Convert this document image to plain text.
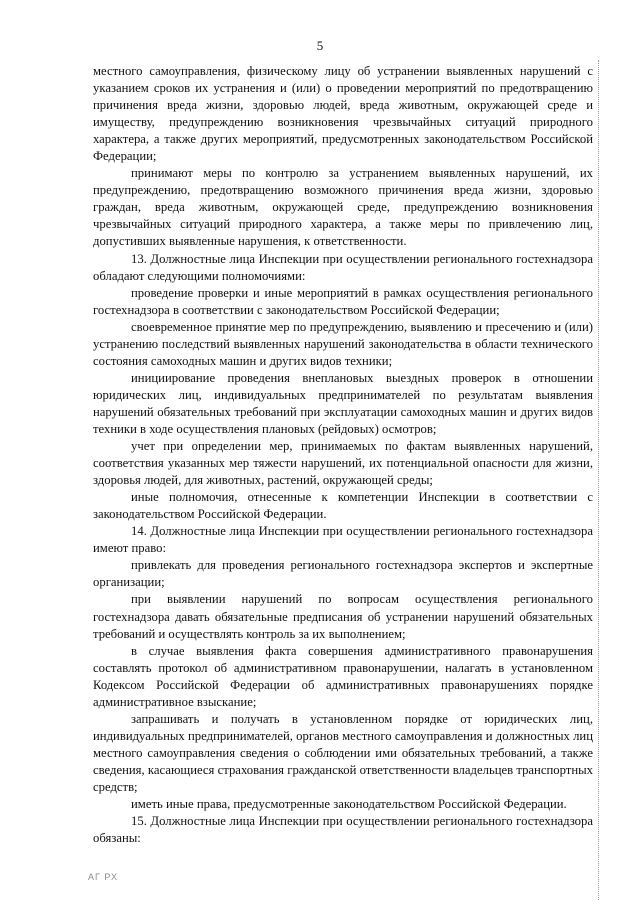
5

местного самоуправления, физическому лицу об устранении выявленных нарушений с указанием сроков их устранения и (или) о проведении мероприятий по предотвращению причинения вреда жизни, здоровью людей, вреда животным, окружающей среде и имуществу, предупреждению возникновения чрезвычайных ситуаций природного характера, а также других мероприятий, предусмотренных законодательством Российской Федерации;

принимают меры по контролю за устранением выявленных нарушений, их предупреждению, предотвращению возможного причинения вреда жизни, здоровью граждан, вреда животным, окружающей среде, предупреждению возникновения чрезвычайных ситуаций природного характера, а также меры по привлечению лиц, допустивших выявленные нарушения, к ответственности.

13. Должностные лица Инспекции при осуществлении регионального гостехнадзора обладают следующими полномочиями:

проведение проверки и иные мероприятий в рамках осуществления регионального гостехнадзора в соответствии с законодательством Российской Федерации;

своевременное принятие мер по предупреждению, выявлению и пресечению и (или) устранению последствий выявленных нарушений законодательства в области технического состояния самоходных машин и других видов техники;

инициирование проведения внеплановых выездных проверок в отношении юридических лиц, индивидуальных предпринимателей по результатам выявления нарушений обязательных требований при эксплуатации самоходных машин и других видов техники в ходе осуществления плановых (рейдовых) осмотров;

учет при определении мер, принимаемых по фактам выявленных нарушений, соответствия указанных мер тяжести нарушений, их потенциальной опасности для жизни, здоровья людей, для животных, растений, окружающей среды;

иные полномочия, отнесенные к компетенции Инспекции в соответствии с законодательством Российской Федерации.

14. Должностные лица Инспекции при осуществлении регионального гостехнадзора имеют право:

привлекать для проведения регионального гостехнадзора экспертов и экспертные организации;

при выявлении нарушений по вопросам осуществления регионального гостехнадзора давать обязательные предписания об устранении нарушений обязательных требований и осуществлять контроль за их выполнением;

в случае выявления факта совершения административного правонарушения составлять протокол об административном правонарушении, налагать в установленном Кодексом Российской Федерации об административных правонарушениях порядке административное взыскание;

запрашивать и получать в установленном порядке от юридических лиц, индивидуальных предпринимателей, органов местного самоуправления и должностных лиц местного самоуправления сведения о соблюдении ими обязательных требований, а также сведения, касающиеся страхования гражданской ответственности владельцев транспортных средств;

иметь иные права, предусмотренные законодательством Российской Федерации.

15. Должностные лица Инспекции при осуществлении регионального гостехнадзора обязаны:

АГ РХ
